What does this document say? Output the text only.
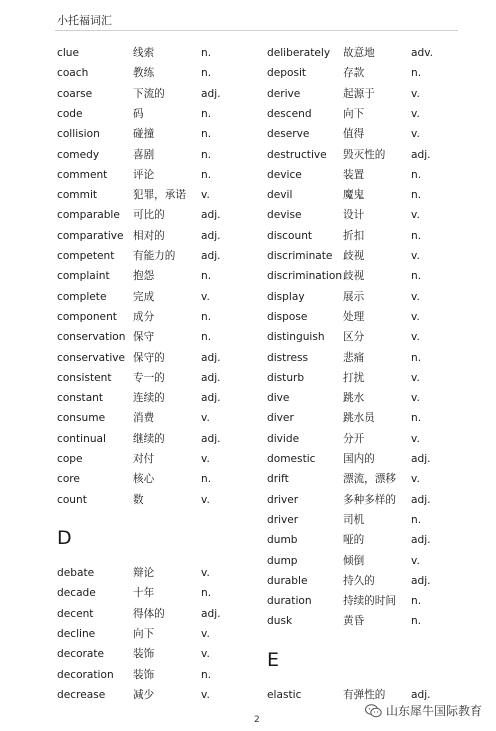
小托福词汇
clue	线索	n.
coach	教练	n.
coarse	下流的	adj.
code	码	n.
collision	碰撞	n.
comedy	喜剧	n.
comment 评论	n.
commit	犯罪，承诺 v.
comparable 可比的	adj.
comparative 相对的	adj.
competent 有能力的 adj.
complaint 抱怨	n.
complete	完成	v.
component 成分	n.
conservation 保守	n.
conservative 保守的	adj.
consistent 专一的	adj.
constant	连续的	adj.
consume	消费	v.
continual	继续的	adj.
cope	对付	v.
core	核心	n.
count	数	v.
D
debate	辩论	v.
decade	十年	n.
decent	得体的	adj.
decline	向下	v.
decorate	装饰	v.
decoration 装饰	n.
decrease	减少	v.
deliberately 故意地	adv.
deposit	存款	n.
derive	起源于	v.
descend	向下	v.
deserve	值得	v.
destructive 毁灭性的 adj.
device	装置	n.
devil	魔鬼	n.
devise	设计	v.
discount	折扣	n.
discriminate 歧视	v.
discrimination 歧视	n.
display	展示	v.
dispose	处理	v.
distinguish 区分	v.
distress	悲痛	n.
disturb	打扰	v.
dive	跳水	v.
diver	跳水员	n.
divide	分开	v.
domestic	国内的	adj.
drift	漂流，漂移 v.
driver	多种多样的 adj.
driver	司机	n.
dumb	哑的	adj.
dump	倾倒	v.
durable	持久的	adj.
duration	持续的时间 n.
dusk	黄昏	n.
E
elastic	有弹性的 adj.
2
山东犀牛国际教育
